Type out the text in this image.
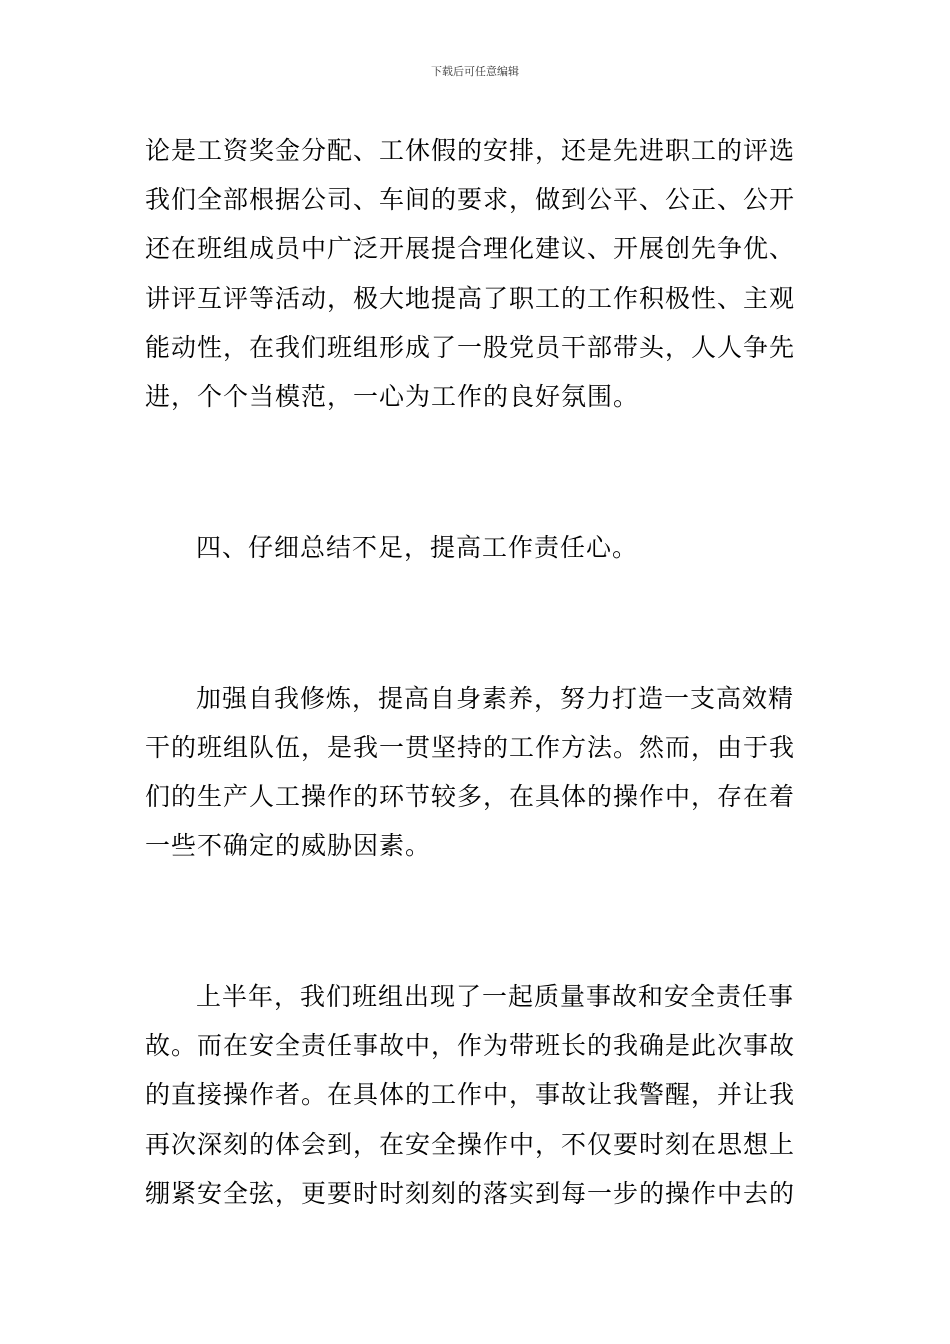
下载后可任意编辑
论是工资奖金分配、工休假的安排，还是先进职工的评选
我们全部根据公司、车间的要求，做到公平、公正、公开
还在班组成员中广泛开展提合理化建议、开展创先争优、
讲评互评等活动，极大地提高了职工的工作积极性、主观
能动性，在我们班组形成了一股党员干部带头，人人争先
进，个个当模范，一心为工作的良好氛围。
四、仔细总结不足，提高工作责任心。
加强自我修炼，提高自身素养，努力打造一支高效精
干的班组队伍，是我一贯坚持的工作方法。然而，由于我
们的生产人工操作的环节较多，在具体的操作中，存在着
一些不确定的威胁因素。
上半年，我们班组出现了一起质量事故和安全责任事
故。而在安全责任事故中，作为带班长的我确是此次事故
的直接操作者。在具体的工作中，事故让我警醒，并让我
再次深刻的体会到，在安全操作中，不仅要时刻在思想上
绷紧安全弦，更要时时刻刻的落实到每一步的操作中去的
